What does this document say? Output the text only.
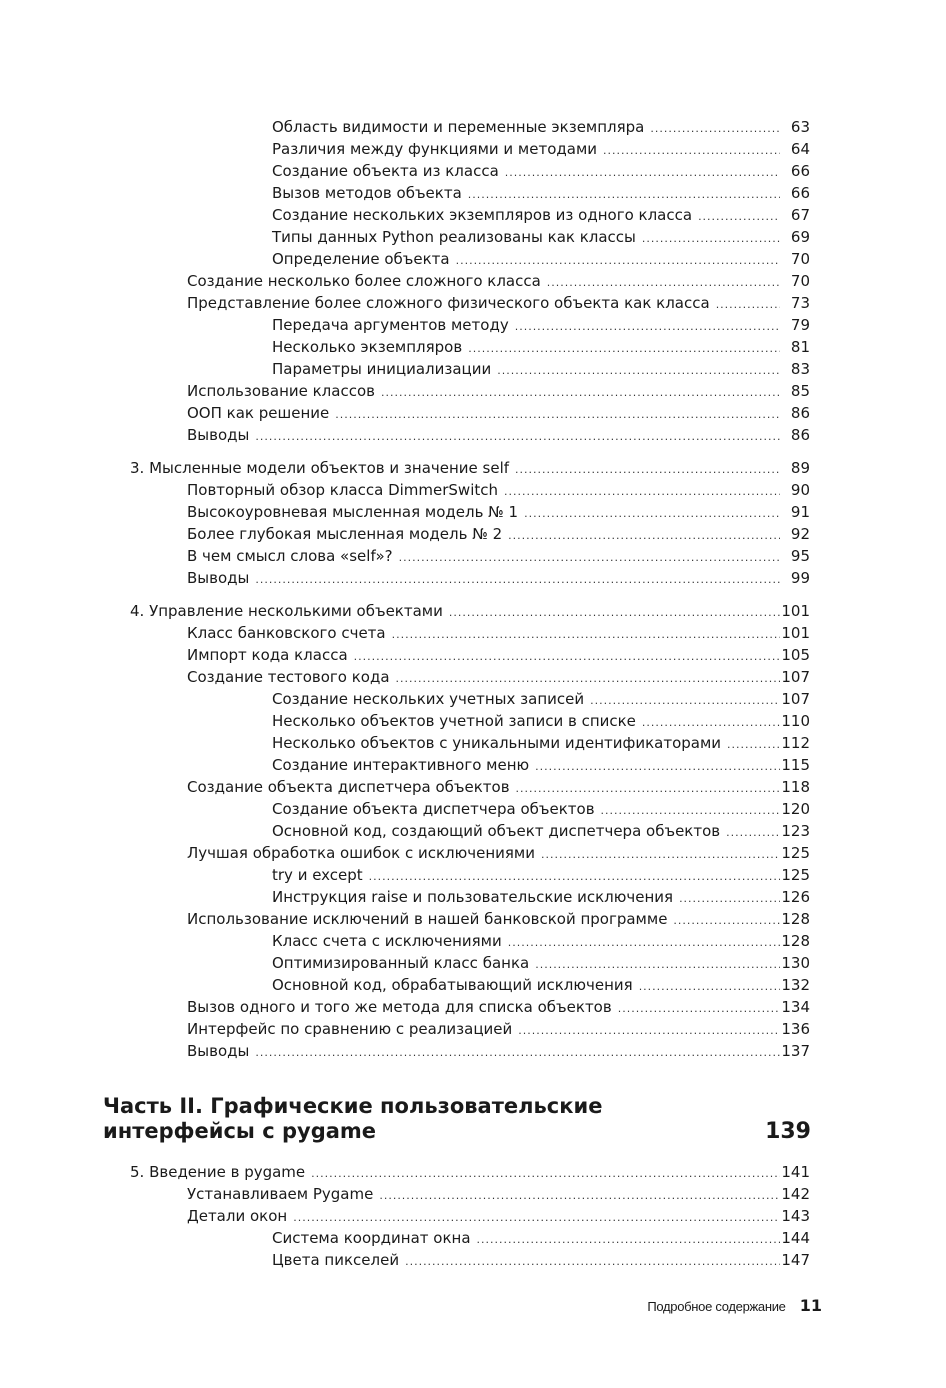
Область видимости и переменные экземпляра .....	63
Различия между функциями и методами .....	64
Создание объекта из класса .....	66
Вызов методов объекта .....	66
Создание нескольких экземпляров из одного класса .....	67
Типы данных Python реализованы как классы .....	69
Определение объекта .....	70
Создание несколько более сложного класса .....	70
Представление более сложного физического объекта как класса .....	73
Передача аргументов методу .....	79
Несколько экземпляров .....	81
Параметры инициализации .....	83
Использование классов .....	85
ООП как решение .....	86
Выводы .....	86
3. Мысленные модели объектов и значение self .....	89
Повторный обзор класса DimmerSwitch .....	90
Высокоуровневая мысленная модель № 1 .....	91
Более глубокая мысленная модель № 2 .....	92
В чем смысл слова «self»? .....	95
Выводы .....	99
4. Управление несколькими объектами .....	101
Класс банковского счета .....	101
Импорт кода класса .....	105
Создание тестового кода .....	107
Создание нескольких учетных записей .....	107
Несколько объектов учетной записи в списке .....	110
Несколько объектов с уникальными идентификаторами .....	112
Создание интерактивного меню .....	115
Создание объекта диспетчера объектов .....	118
Создание объекта диспетчера объектов .....	120
Основной код, создающий объект диспетчера объектов .....	123
Лучшая обработка ошибок с исключениями .....	125
try и except .....	125
Инструкция raise и пользовательские исключения .....	126
Использование исключений в нашей банковской программе .....	128
Класс счета с исключениями .....	128
Оптимизированный класс банка .....	130
Основной код, обрабатывающий исключения .....	132
Вызов одного и того же метода для списка объектов .....	134
Интерфейс по сравнению с реализацией .....	136
Выводы .....	137
Часть II. Графические пользовательские
интерфейсы с pygame	139
5. Введение в pygame .....	141
Устанавливаем Pygame .....	142
Детали окон .....	143
Система координат окна .....	144
Цвета пикселей .....	147
Подробное содержание 11
